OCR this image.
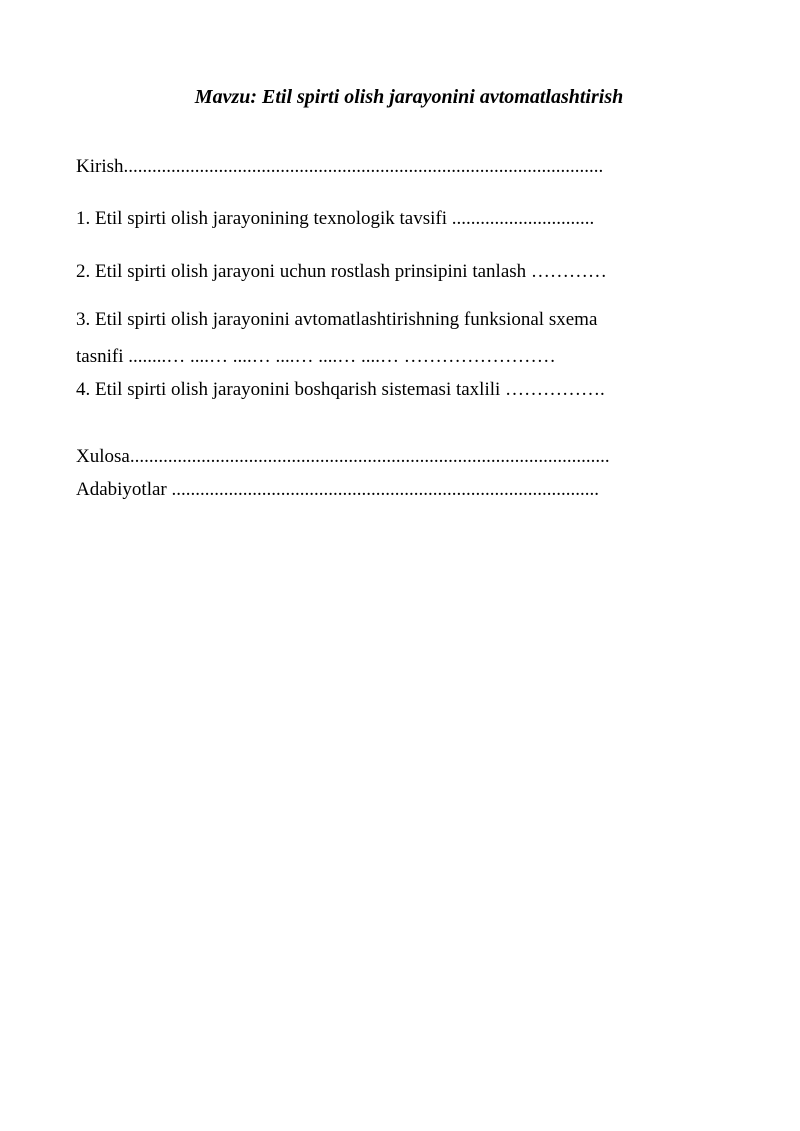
Mavzu: Etil spirti olish jarayonini avtomatlashtirish
Kirish.....................................................................................................
1. Etil spirti olish jarayonining texnologik tavsifi ..............................
2. Etil spirti olish jarayoni uchun rostlash prinsipini tanlash …………
3. Etil spirti olish jarayonini avtomatlashtirishning funksional sxema
tasnifi ........… ....… ....… ....… ....… ....… ……………………
4. Etil spirti olish jarayonini boshqarish sistemasi taxlili …………….
Xulosa.....................................................................................................
Adabiyotlar ..........................................................................................
